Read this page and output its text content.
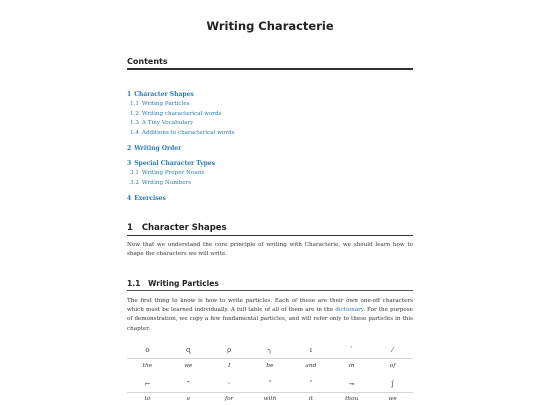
Writing Characterie
Contents
1 Character Shapes
1.1 Writing Particles
1.2 Writing characterical words
1.3 A Tiny Vocabulary
1.4 Additions to characterical words
2 Writing Order
3 Special Character Types
3.1 Writing Proper Nouns
3.2 Writing Numbers
4 Exercises
1 Character Shapes
Now that we understand the core principle of writing with Characterie, we should learn how to shape the characters we will write.
1.1 Writing Particles
The first thing to know is how to write particles. Each of these are their own one-off characters which must be learned individually. A full table of all of them are in the dictionary. For the purpose of demonstration, we copy a few fundamental particles, and will refer only to these particles in this chapter.
ο	ɋ	ρ	╮	ı	ˋ	⁄
the	we	I	be	and	in	of
⌐	⌃	ᵕ	˃	˂	⊸	ʃ
to	a	for	with	it	thou	we
